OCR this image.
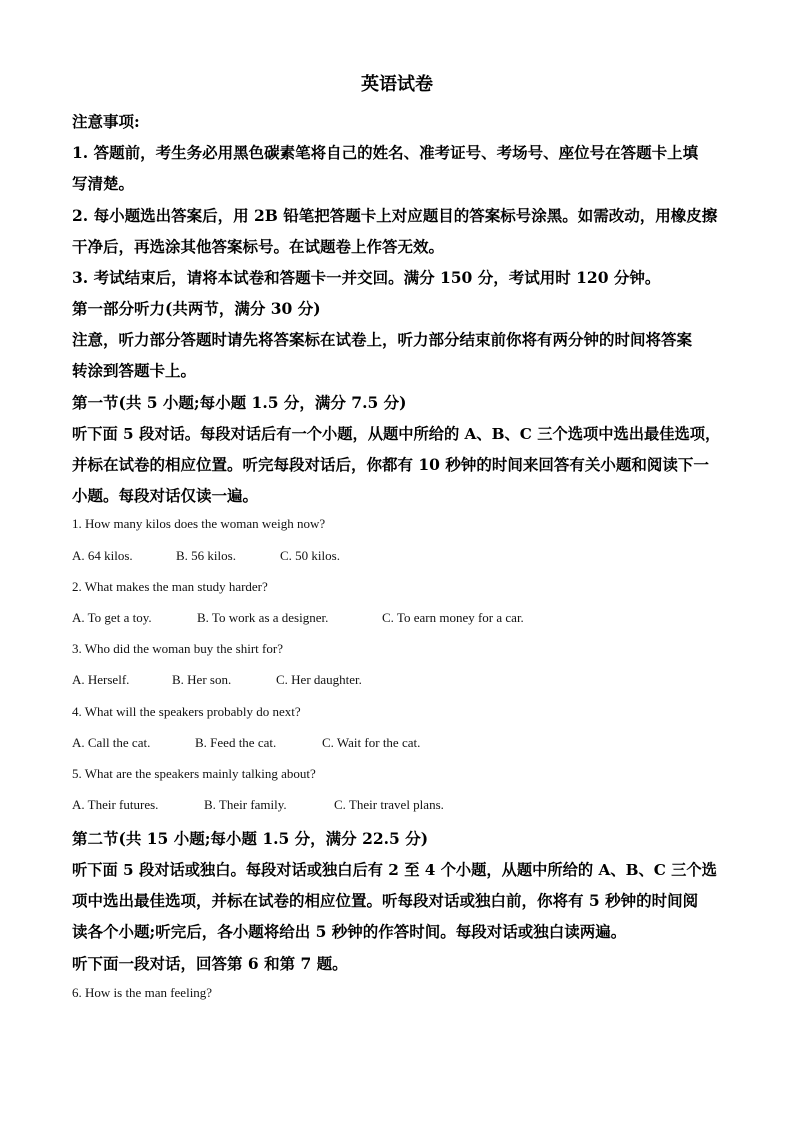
英语试卷
注意事项:
1. 答题前，考生务必用黑色碳素笔将自己的姓名、准考证号、考场号、座位号在答题卡上填
写清楚。
2. 每小题选出答案后，用 2B 铅笔把答题卡上对应题目的答案标号涂黑。如需改动，用橡皮擦
干净后，再选涂其他答案标号。在试题卷上作答无效。
3. 考试结束后，请将本试卷和答题卡一并交回。满分 150 分，考试用时 120 分钟。
第一部分听力(共两节，满分 30 分)
注意，听力部分答题时请先将答案标在试卷上，听力部分结束前你将有两分钟的时间将答案
转涂到答题卡上。
第一节(共 5 小题;每小题 1.5 分，满分 7.5 分)
听下面 5 段对话。每段对话后有一个小题，从题中所给的 A、B、C 三个选项中选出最佳选项，
并标在试卷的相应位置。听完每段对话后，你都有 10 秒钟的时间来回答有关小题和阅读下一
小题。每段对话仅读一遍。
1. How many kilos does the woman weigh now?
A. 64 kilos.	B. 56 kilos.	C. 50 kilos.
2. What makes the man study harder?
A. To get a toy.	B. To work as a designer.	C. To earn money for a car.
3. Who did the woman buy the shirt for?
A. Herself.	B. Her son.	C. Her daughter.
4. What will the speakers probably do next?
A. Call the cat.	B. Feed the cat.	C. Wait for the cat.
5. What are the speakers mainly talking about?
A. Their futures.	B. Their family.	C. Their travel plans.
第二节(共 15 小题;每小题 1.5 分，满分 22.5 分)
听下面 5 段对话或独白。每段对话或独白后有 2 至 4 个小题，从题中所给的 A、B、C 三个选
项中选出最佳选项，并标在试卷的相应位置。听每段对话或独白前，你将有 5 秒钟的时间阅
读各个小题;听完后，各小题将给出 5 秒钟的作答时间。每段对话或独白读两遍。
听下面一段对话，回答第 6 和第 7 题。
6. How is the man feeling?
